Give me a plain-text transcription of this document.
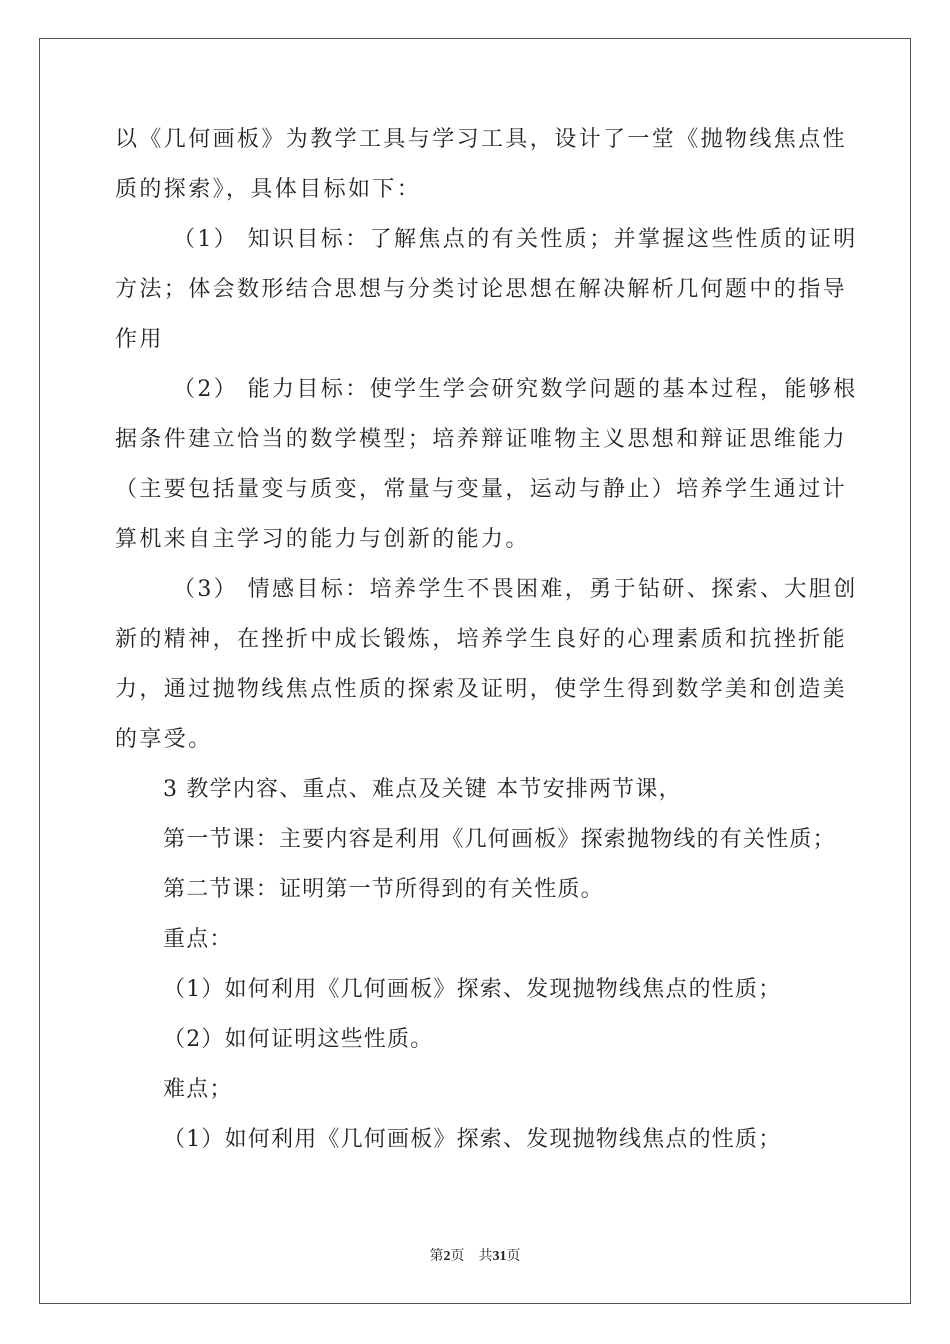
以《几何画板》为教学工具与学习工具，设计了一堂《抛物线焦点性
质的探索》，具体目标如下：
（1） 知识目标：了解焦点的有关性质；并掌握这些性质的证明
方法；体会数形结合思想与分类讨论思想在解决解析几何题中的指导
作用
（2） 能力目标：使学生学会研究数学问题的基本过程，能够根
据条件建立恰当的数学模型；培养辩证唯物主义思想和辩证思维能力
（主要包括量变与质变，常量与变量，运动与静止）培养学生通过计
算机来自主学习的能力与创新的能力。
（3） 情感目标：培养学生不畏困难，勇于钻研、探索、大胆创
新的精神，在挫折中成长锻炼，培养学生良好的心理素质和抗挫折能
力，通过抛物线焦点性质的探索及证明，使学生得到数学美和创造美
的享受。
3 教学内容、重点、难点及关键 本节安排两节课，
第一节课：主要内容是利用《几何画板》探索抛物线的有关性质；
第二节课：证明第一节所得到的有关性质。
重点：
（1）如何利用《几何画板》探索、发现抛物线焦点的性质；
（2）如何证明这些性质。
难点；
（1）如何利用《几何画板》探索、发现抛物线焦点的性质；
第2页 共31页
